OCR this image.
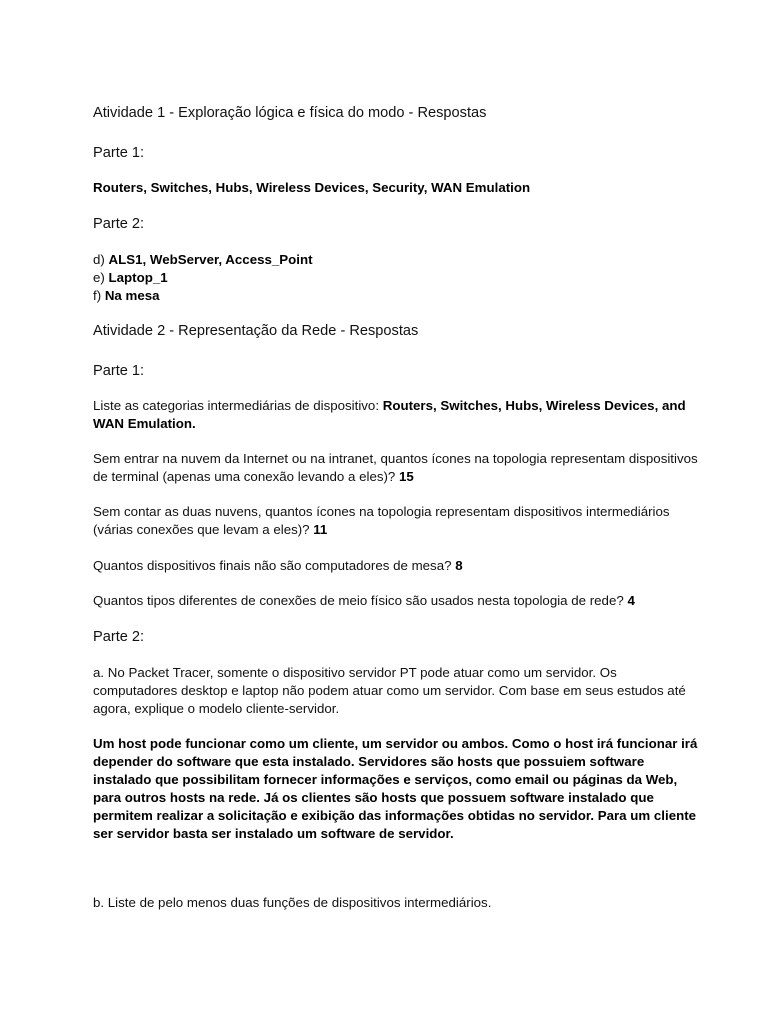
Atividade 1 - Exploração lógica e física do modo - Respostas

Parte 1:

Routers, Switches, Hubs, Wireless Devices, Security, WAN Emulation

Parte 2:

d) ALS1, WebServer, Access_Point
e) Laptop_1
f) Na mesa

Atividade 2 - Representação da Rede - Respostas

Parte 1:

Liste as categorias intermediárias de dispositivo: Routers, Switches, Hubs, Wireless Devices, and WAN Emulation.

Sem entrar na nuvem da Internet ou na intranet, quantos ícones na topologia representam dispositivos de terminal (apenas uma conexão levando a eles)? 15

Sem contar as duas nuvens, quantos ícones na topologia representam dispositivos intermediários (várias conexões que levam a eles)? 11

Quantos dispositivos finais não são computadores de mesa? 8

Quantos tipos diferentes de conexões de meio físico são usados nesta topologia de rede? 4

Parte 2:

a. No Packet Tracer, somente o dispositivo servidor PT pode atuar como um servidor. Os computadores desktop e laptop não podem atuar como um servidor. Com base em seus estudos até agora, explique o modelo cliente-servidor.

Um host pode funcionar como um cliente, um servidor ou ambos. Como o host irá funcionar irá depender do software que esta instalado. Servidores são hosts que possuiem software instalado que possibilitam fornecer informações e serviços, como email ou páginas da Web, para outros hosts na rede. Já os clientes são hosts que possuem software instalado que permitem realizar a solicitação e exibição das informações obtidas no servidor. Para um cliente ser servidor basta ser instalado um software de servidor.

b. Liste de pelo menos duas funções de dispositivos intermediários.
